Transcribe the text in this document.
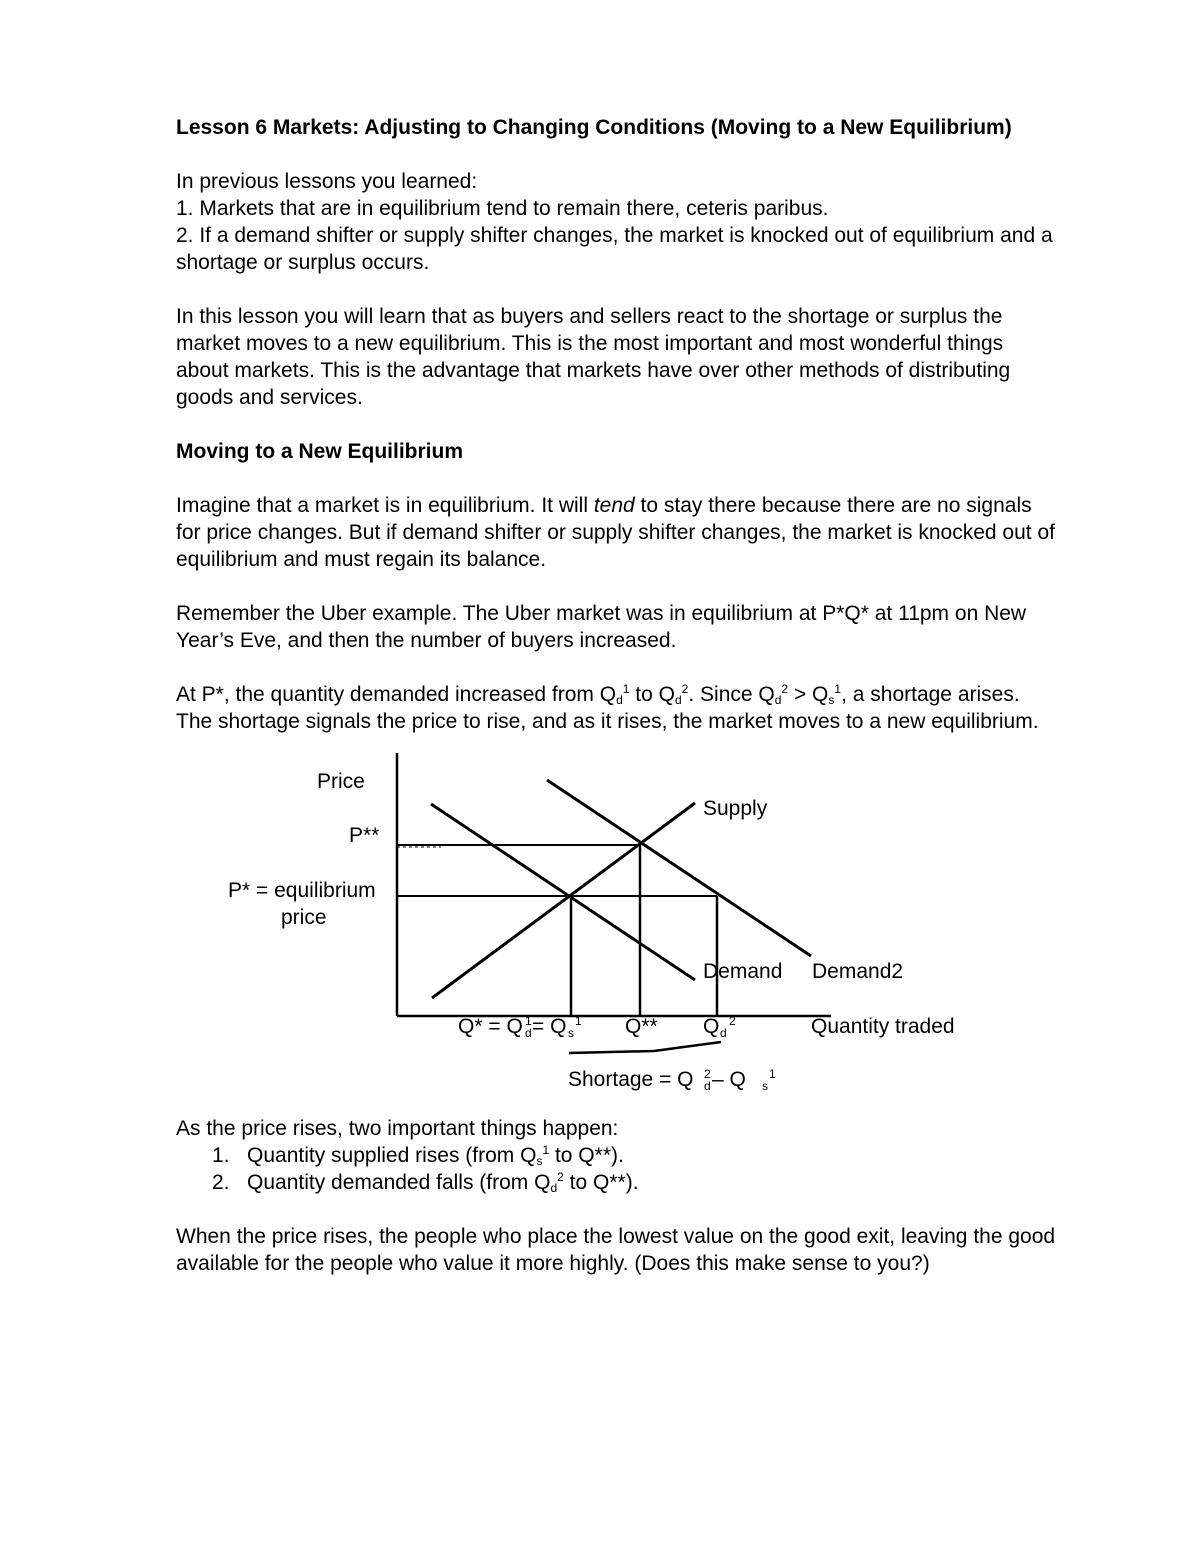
Lesson 6 Markets: Adjusting to Changing Conditions (Moving to a New Equilibrium)

In previous lessons you learned:

1. Markets that are in equilibrium tend to remain there, ceteris paribus.

2. If a demand shifter or supply shifter changes, the market is knocked out of equilibrium and a shortage or surplus occurs.

In this lesson you will learn that as buyers and sellers react to the shortage or surplus the market moves to a new equilibrium. This is the most important and most wonderful things about markets. This is the advantage that markets have over other methods of distributing goods and services.

Moving to a New Equilibrium

Imagine that a market is in equilibrium. It will tend to stay there because there are no signals for price changes. But if demand shifter or supply shifter changes, the market is knocked out of equilibrium and must regain its balance.

Remember the Uber example. The Uber market was in equilibrium at P*Q* at 11pm on New Year’s Eve, and then the number of buyers increased.

At P*, the quantity demanded increased from $Q_d^1$ to $Q_d^2$. Since $Q_d^2 > Q_s^1$, a shortage arises. The shortage signals the price to rise, and as it rises, the market moves to a new equilibrium.

Price
P**
P* = equilibrium
price
Supply
Demand Demand2
Quantity traded
Q* = Q d
1 = Q s
1 Q** Q d
2
Shortage = Q d
2 – Q s
1

As the price rises, two important things happen:

1. Quantity supplied rises (from $Q_s^1$ to Q**).
2. Quantity demanded falls (from $Q_d^2$ to Q**).

When the price rises, the people who place the lowest value on the good exit, leaving the good available for the people who value it more highly. (Does this make sense to you?)
